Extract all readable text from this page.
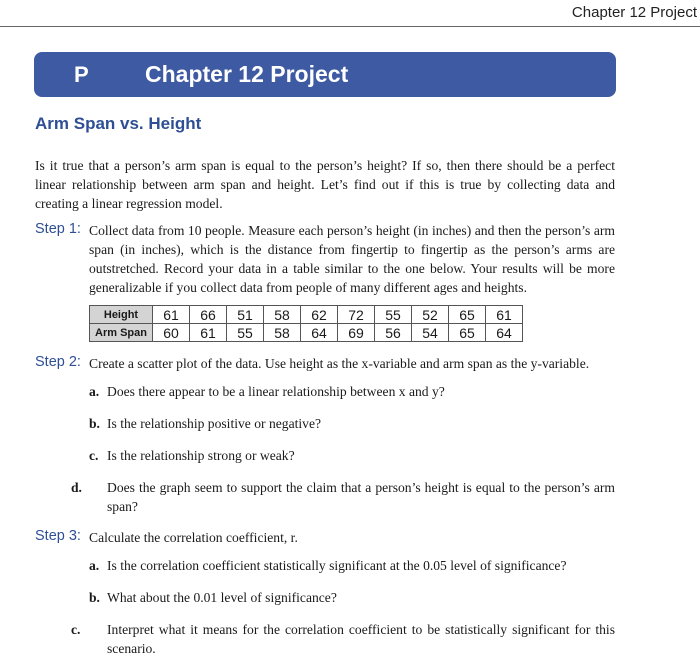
Chapter 12 Project
P Chapter 12 Project
Arm Span vs. Height
Is it true that a person’s arm span is equal to the person’s height? If so, then there should be a perfect linear relationship between arm span and height. Let’s find out if this is true by collecting data and creating a linear regression model.
Step 1: Collect data from 10 people. Measure each person’s height (in inches) and then the person’s arm span (in inches), which is the distance from fingertip to fingertip as the person’s arms are outstretched. Record your data in a table similar to the one below. Your results will be more generalizable if you collect data from people of many different ages and heights.
Height	61	66	51	58	62	72	55	52	65	61
Arm Span	60	61	55	58	64	69	56	54	65	64
Step 2: Create a scatter plot of the data. Use height as the x-variable and arm span as the y-variable.
a. Does there appear to be a linear relationship between x and y?
b. Is the relationship positive or negative?
c. Is the relationship strong or weak?
d. Does the graph seem to support the claim that a person’s height is equal to the person’s arm span?
Step 3: Calculate the correlation coefficient, r.
a. Is the correlation coefficient statistically significant at the 0.05 level of significance?
b. What about the 0.01 level of significance?
c. Interpret what it means for the correlation coefficient to be statistically significant for this scenario.
